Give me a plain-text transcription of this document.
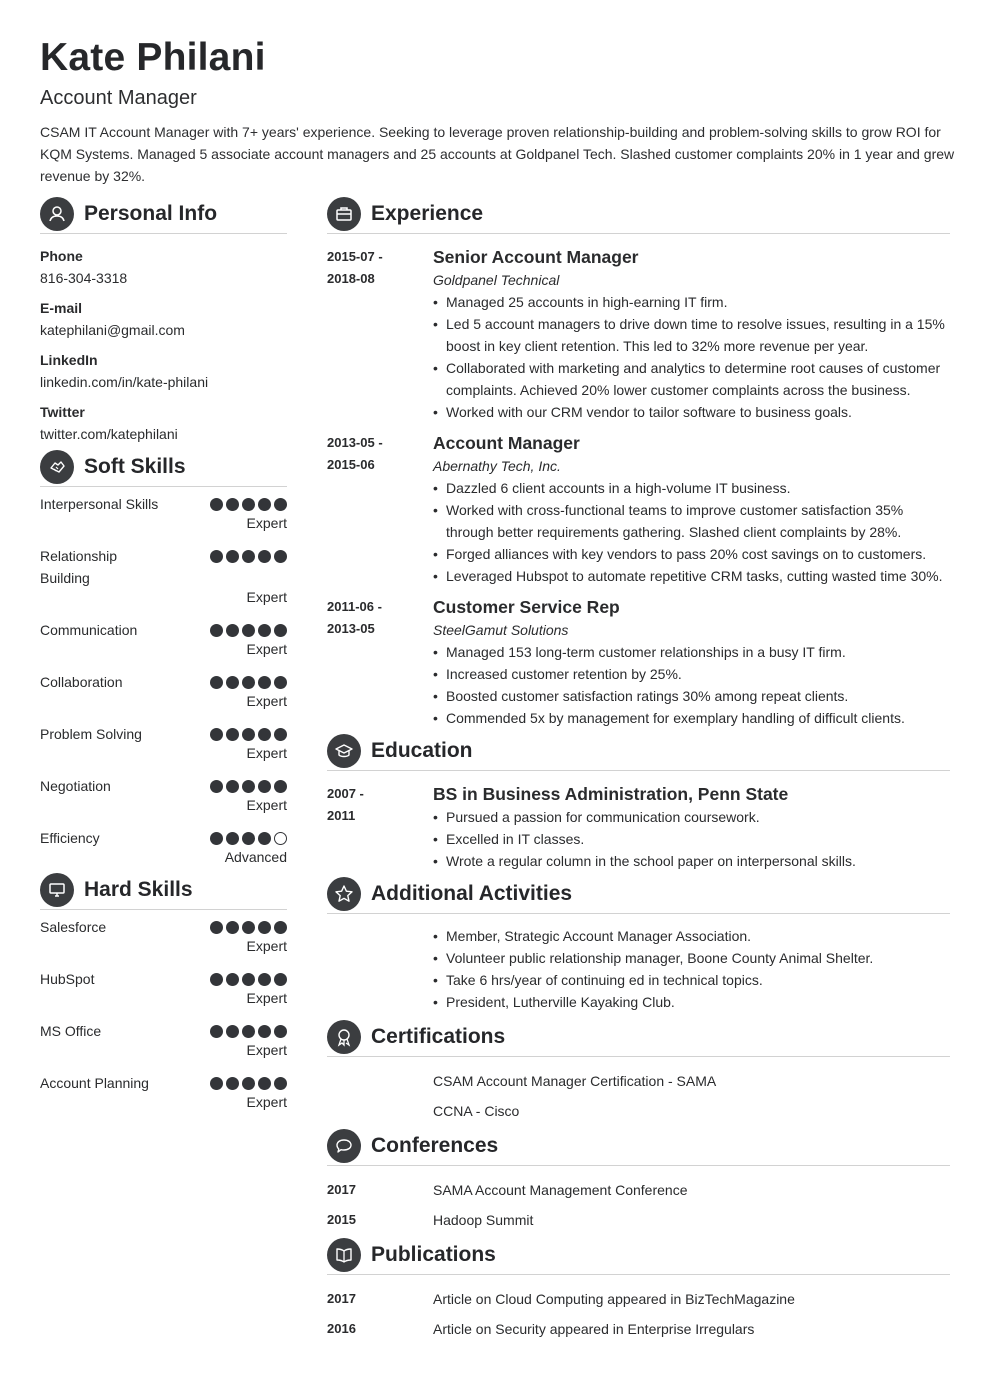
Kate Philani
Account Manager
CSAM IT Account Manager with 7+ years' experience. Seeking to leverage proven relationship-building and problem-solving skills to grow ROI for KQM Systems. Managed 5 associate account managers and 25 accounts at Goldpanel Tech. Slashed customer complaints 20% in 1 year and grew revenue by 32%.
Personal Info
Phone
816-304-3318
E-mail
katephilani@gmail.com
LinkedIn
linkedin.com/in/kate-philani
Twitter
twitter.com/katephilani
Soft Skills
Interpersonal Skills
Expert
Relationship Building
Expert
Communication
Expert
Collaboration
Expert
Problem Solving
Expert
Negotiation
Expert
Efficiency
Advanced
Hard Skills
Salesforce
Expert
HubSpot
Expert
MS Office
Expert
Account Planning
Expert
Experience
2015-07 -
2018-08
Senior Account Manager
Goldpanel Technical
• Managed 25 accounts in high-earning IT firm.
• Led 5 account managers to drive down time to resolve issues, resulting in a 15% boost in key client retention. This led to 32% more revenue per year.
• Collaborated with marketing and analytics to determine root causes of customer complaints. Achieved 20% lower customer complaints across the business.
• Worked with our CRM vendor to tailor software to business goals.
2013-05 -
2015-06
Account Manager
Abernathy Tech, Inc.
• Dazzled 6 client accounts in a high-volume IT business.
• Worked with cross-functional teams to improve customer satisfaction 35% through better requirements gathering. Slashed client complaints by 28%.
• Forged alliances with key vendors to pass 20% cost savings on to customers.
• Leveraged Hubspot to automate repetitive CRM tasks, cutting wasted time 30%.
2011-06 -
2013-05
Customer Service Rep
SteelGamut Solutions
• Managed 153 long-term customer relationships in a busy IT firm.
• Increased customer retention by 25%.
• Boosted customer satisfaction ratings 30% among repeat clients.
• Commended 5x by management for exemplary handling of difficult clients.
Education
2007 -
2011
BS in Business Administration, Penn State
• Pursued a passion for communication coursework.
• Excelled in IT classes.
• Wrote a regular column in the school paper on interpersonal skills.
Additional Activities
• Member, Strategic Account Manager Association.
• Volunteer public relationship manager, Boone County Animal Shelter.
• Take 6 hrs/year of continuing ed in technical topics.
• President, Lutherville Kayaking Club.
Certifications
CSAM Account Manager Certification - SAMA
CCNA - Cisco
Conferences
2017	SAMA Account Management Conference
2015	Hadoop Summit
Publications
2017	Article on Cloud Computing appeared in BizTechMagazine
2016	Article on Security appeared in Enterprise Irregulars
